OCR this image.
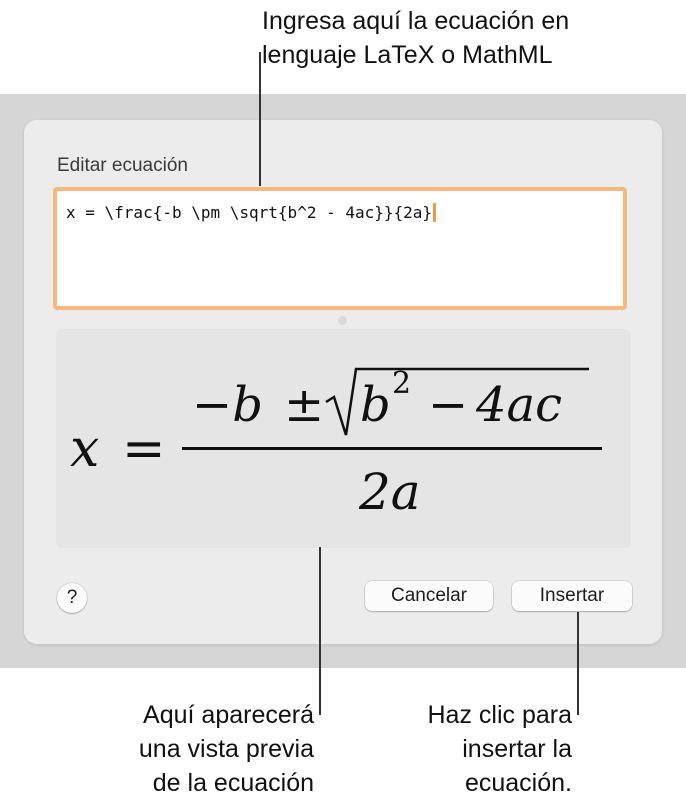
Ingresa aquí la ecuación en
lenguaje LaTeX o MathML
Editar ecuación
x = \frac{-b \pm \sqrt{b^2 - 4ac}}{2a}
x =
−b ± b 2 − 4ac
2a
?	Cancelar	Insertar
Aquí aparecerá
una vista previa
de la ecuación
Haz clic para
insertar la
ecuación.
